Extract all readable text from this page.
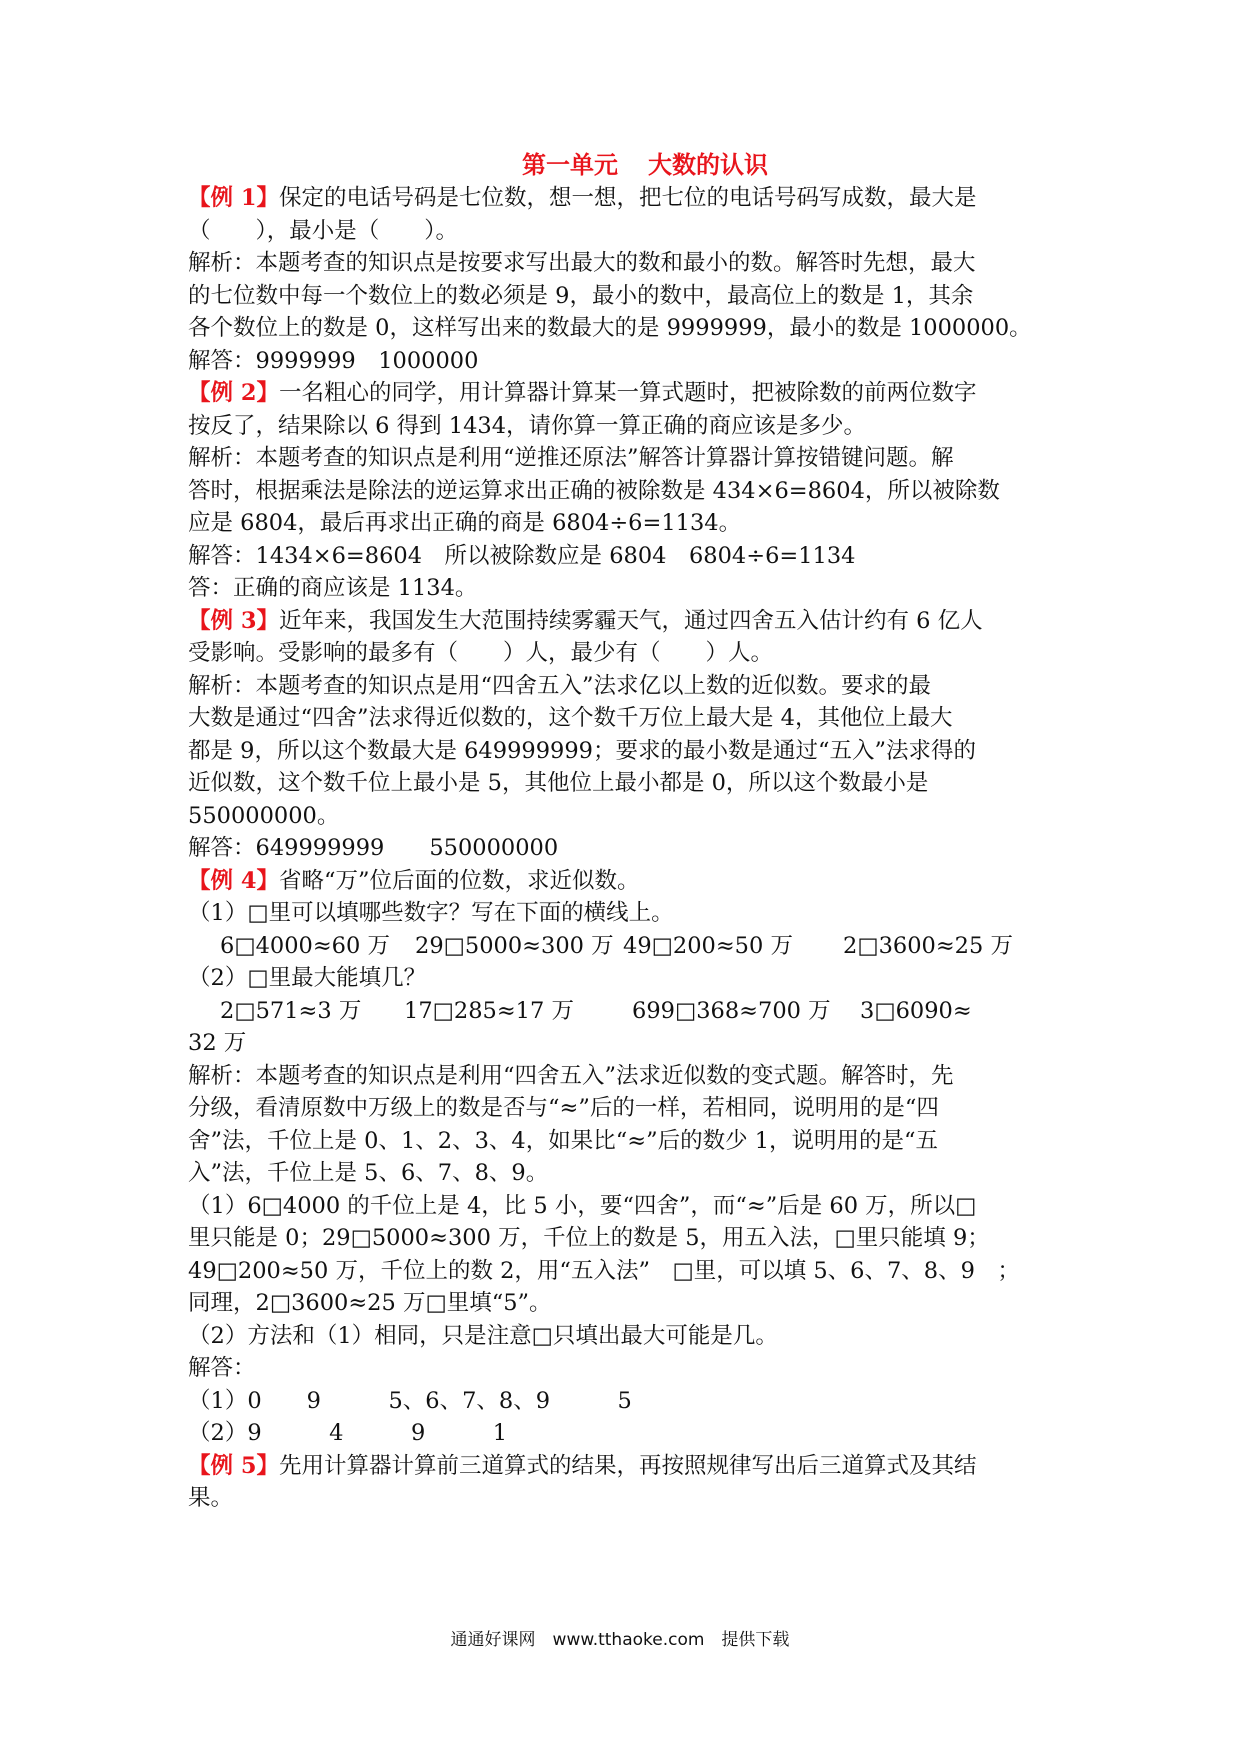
第一单元 大数的认识

【例 1】保定的电话号码是七位数，想一想，把七位的电话号码写成数，最大是

（　　），最小是（　　）。

解析：本题考查的知识点是按要求写出最大的数和最小的数。解答时先想，最大

的七位数中每一个数位上的数必须是 9，最小的数中，最高位上的数是 1，其余

各个数位上的数是 0，这样写出来的数最大的是 9999999，最小的数是 1000000。

解答：9999999　1000000

【例 2】一名粗心的同学，用计算器计算某一算式题时，把被除数的前两位数字

按反了，结果除以 6 得到 1434，请你算一算正确的商应该是多少。

解析：本题考查的知识点是利用“逆推还原法”解答计算器计算按错键问题。解

答时，根据乘法是除法的逆运算求出正确的被除数是 434×6=8604，所以被除数

应是 6804，最后再求出正确的商是 6804÷6=1134。

解答：1434×6=8604　所以被除数应是 6804　6804÷6=1134

答：正确的商应该是 1134。

【例 3】近年来，我国发生大范围持续雾霾天气，通过四舍五入估计约有 6 亿人

受影响。受影响的最多有（　　）人，最少有（　　）人。

解析：本题考查的知识点是用“四舍五入”法求亿以上数的近似数。要求的最

大数是通过“四舍”法求得近似数的，这个数千万位上最大是 4，其他位上最大

都是 9，所以这个数最大是 649999999；要求的最小数是通过“五入”法求得的

近似数，这个数千位上最小是 5，其他位上最小都是 0，所以这个数最小是

550000000。

解答：649999999　　550000000

【例 4】省略“万”位后面的位数，求近似数。

（1）□里可以填哪些数字？写在下面的横线上。

6□4000≈60 万	29□5000≈300 万 49□200≈50 万	2□3600≈25 万

（2）□里最大能填几？

2□571≈3 万	17□285≈17 万	699□368≈700 万	3□6090≈

32 万

解析：本题考查的知识点是利用“四舍五入”法求近似数的变式题。解答时，先

分级，看清原数中万级上的数是否与“≈”后的一样，若相同，说明用的是“四

舍”法，千位上是 0、1、2、3、4，如果比“≈”后的数少 1，说明用的是“五

入”法，千位上是 5、6、7、8、9。

（1）6□4000 的千位上是 4，比 5 小，要“四舍”，而“≈”后是 60 万，所以□

里只能是 0；29□5000≈300 万，千位上的数是 5，用五入法，□里只能填 9；

49□200≈50 万，千位上的数 2，用“五入法”　□里，可以填 5、6、7、8、9　；

同理，2□3600≈25 万□里填“5”。

（2）方法和（1）相同，只是注意□只填出最大可能是几。

解答：

（1）0　　9　　　5、6、7、8、9　　　5

（2）9　　　4　　　9　　　1

【例 5】先用计算器计算前三道算式的结果，再按照规律写出后三道算式及其结

果。

通通好课网　www.tthaoke.com　提供下载
